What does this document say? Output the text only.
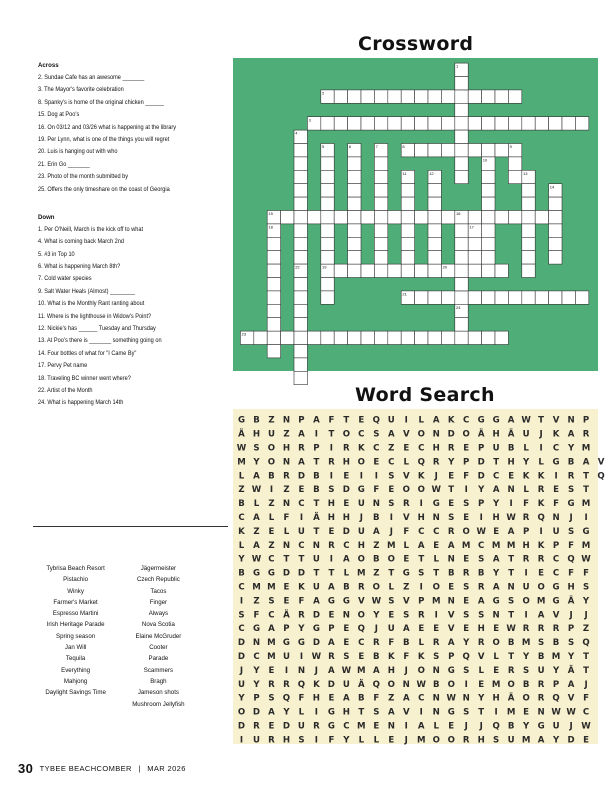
Crossword
Across
2. Sundae Cafe has an awesome _______
3. The Mayor's favorite celebration
8. Spanky's is home of the original chicken ______
15. Dog at Poo's
16. On 03/12 and 03/26 what is happening at the library
19. Per Lynn, what is one of the things you will regret
20. Luis is hanging out with who
21. Erin Go _______
23. Photo of the month submitted by
25. Offers the only timeshare on the coast of Georgia
Down
1. Per O'Neill, March is the kick off to what
4. What is coming back March 2nd
5. #3 in Top 10
6. What is happening March 8th?
7. Cold water species
9. Salt Water Heals (Almost) ________
10. What is the Monthly Rant ranting about
11. Where is the lighthouse in Widow's Point?
12. Nickie's has ______ Tuesday and Thursday
13. At Poo's there is _______ something going on
14. Four bottles of what for "I Came By"
17. Pervy Pet name
18. Traveling BC winner went where?
22. Artist of the Month
24. What is happening March 14th
Tybrisa Beach Resort
Pistachio
Winky
Farmer's Market
Espresso Martini
Irish Heritage Parade
Spring season
Jan Will
Tequila
Everything
Mahjong
Daylight Savings Time
Jägermeister
Czech Republic
Tacos
Finger
Always
Nova Scotia
Elaine McGruder
Cooter
Parade
Scammers
Bragh
Jameson shots
Mushroom Jellyfish
1
2
3
4
5	6	7	8	9
10
11	12	13
14
15	16
17
18
19	20
22
21
24
23
Word Search
G B Z N P A F T E Q U I L A K C G G A W T V N P
Ä H U Z A I T O C S A V O N D O Ä H Ä U J K A R
W S O H R P I R K C Z E C H R E P U B L I C Y M
M Y O N A T R H O E C L Q R Y P D T H Y L G B A V
L A B R D B I E I I S V K J E F D C E K K I R T Q
Z W I Z E B S D G F E O O W T I Y A N L R E S T
B L Z N C T H E U N S R I G E S P Y I F K F G M
C A L F I Ä H H J B I V H N S E I H W R Q N J I
K Z E L U T E D U A J F C C R O W E A P I U S G
L A Z N C N R C H Z M L A E A M C M M H K P F M
Y W C T T U I A O B O E T L N E S A T R R C Q W
B G G D D T T L M Z T G S T B R B Y T I E C F F
C M M E K U A B R O L Z I O E S R A N U O G H S
I Z S E F A G G V W S V P M N E A G S O M G Ä Y
S F C Ä R D E N O Y E S R I V S S N T I A V J J
C G A P Y G P E Q J U A E E V E H E W R R R P Z
D N M G G D A E C R F B L R A Y R O B M S B S Q
D C M U I W R S E B K F K S P Q V L T Y B M Y T
J Y E I N J A W M A H J O N G S L E R S U Y Ä T
U Y R R Q K D U Ä Q O N W B O I E M O B R P A J
Y P S Q F H E A B F Z A C N W N Y H Ä O R Q V F
O D A Y L I G H T S A V I N G S T I M E N W W C
D R E D U R G C M E N I A L E J J Q B Y G U J W
I U R H S I F Y L L E J M O O R H S U M A Y D E
30 TYBEE BEACHCOMBER | MAR 2026
